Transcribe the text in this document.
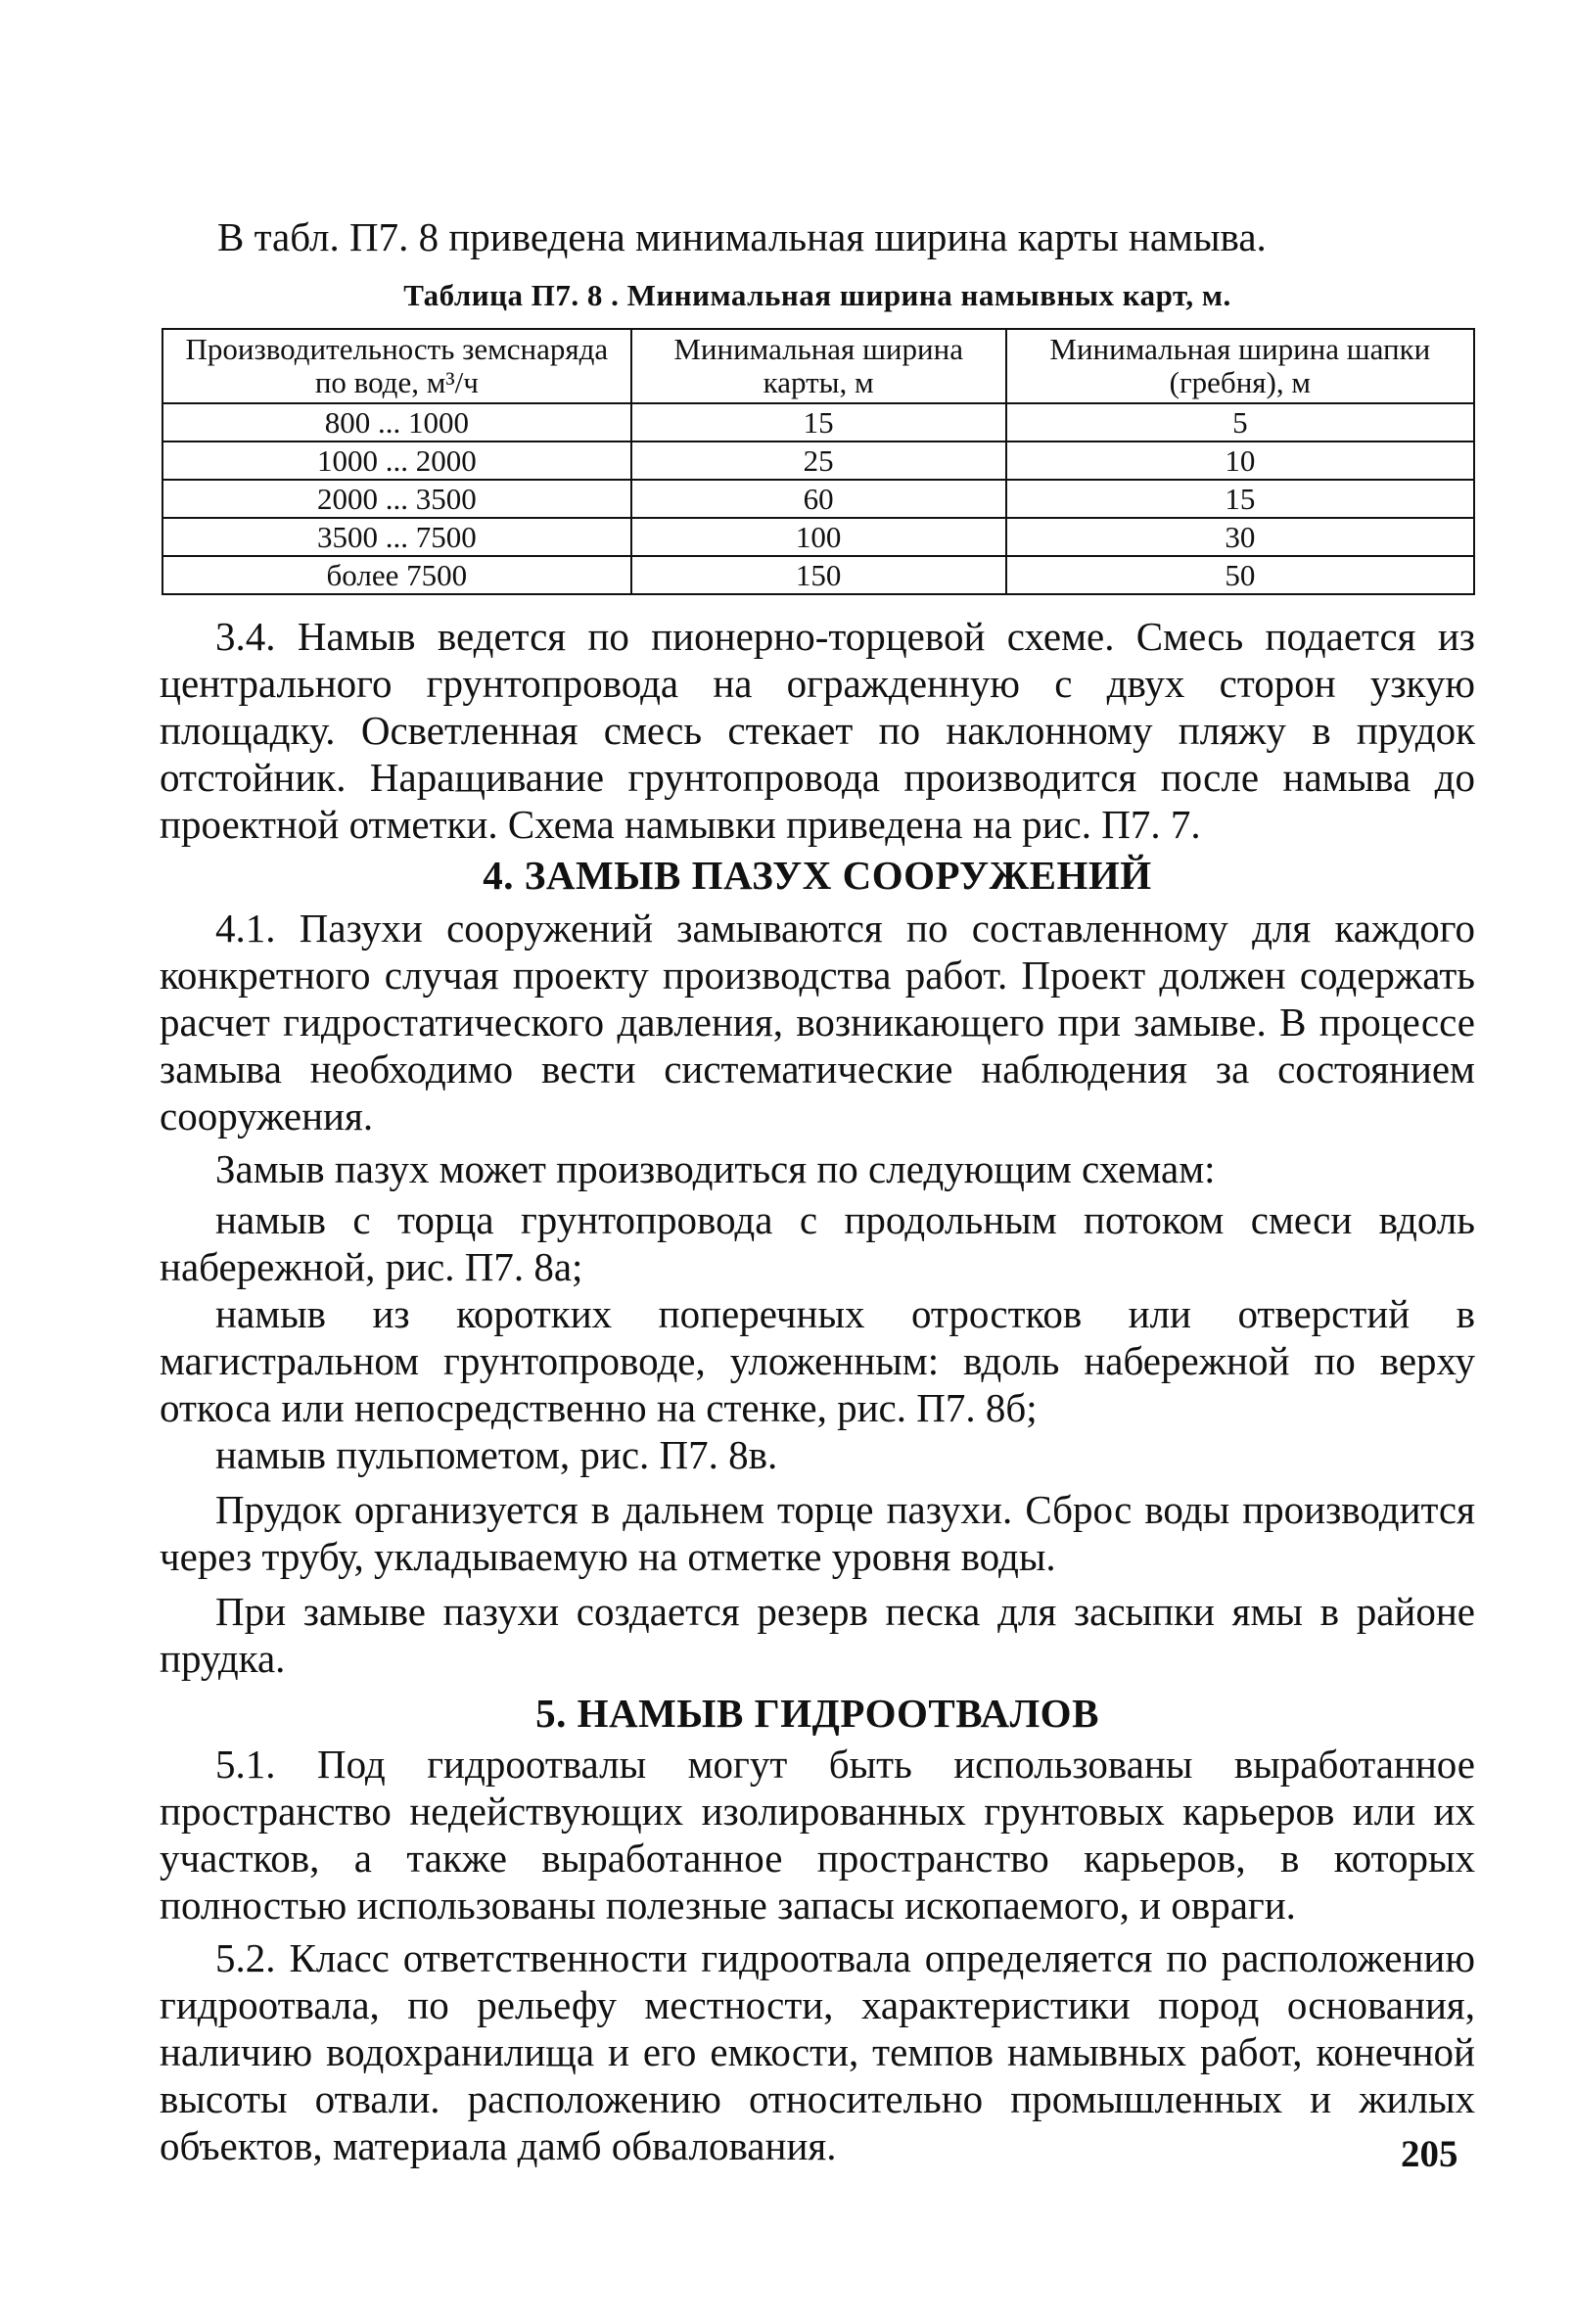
В табл. П7. 8 приведена минимальная ширина карты намыва.
Таблица П7. 8 . Минимальная ширина намывных карт, м.
Производительность земснаряда по воде, м³/ч	Минимальная ширина карты, м	Минимальная ширина шапки (гребня), м
800 ... 1000	15	5
1000 ... 2000	25	10
2000 ... 3500	60	15
3500 ... 7500	100	30
более 7500	150	50

3.4. Намыв ведется по пионерно-торцевой схеме. Смесь подается из центрального грунтопровода на огражденную с двух сторон узкую площадку. Осветленная смесь стекает по наклонному пляжу в прудок отстойник. Наращивание грунтопровода производится после намыва до проектной отметки. Схема намывки приведена на рис. П7. 7.

4. ЗАМЫВ ПАЗУХ СООРУЖЕНИЙ

4.1. Пазухи сооружений замываются по составленному для каждого конкретного случая проекту производства работ. Проект должен содержать расчет гидростатического давления, возникающего при замыве. В процессе замыва необходимо вести систематические наблюдения за состоянием сооружения.

Замыв пазух может производиться по следующим схемам:

намыв с торца грунтопровода с продольным потоком смеси вдоль набережной, рис. П7. 8а;

намыв из коротких поперечных отростков или отверстий в магистральном грунтопроводе, уложенным: вдоль набережной по верху откоса или непосредственно на стенке, рис. П7. 8б;

намыв пульпометом, рис. П7. 8в.

Прудок организуется в дальнем торце пазухи. Сброс воды производится через трубу, укладываемую на отметке уровня воды.

При замыве пазухи создается резерв песка для засыпки ямы в районе прудка.

5. НАМЫВ ГИДРООТВАЛОВ

5.1. Под гидроотвалы могут быть использованы выработанное пространство недействующих изолированных грунтовых карьеров или их участков, а также выработанное пространство карьеров, в которых полностью использованы полезные запасы ископаемого, и овраги.

5.2. Класс ответственности гидроотвала определяется по расположению гидроотвала, по рельефу местности, характеристики пород основания, наличию водохранилища и его емкости, темпов намывных работ, конечной высоты отвали. расположению относительно промышленных и жилых объектов, материала дамб обвалования.	205
